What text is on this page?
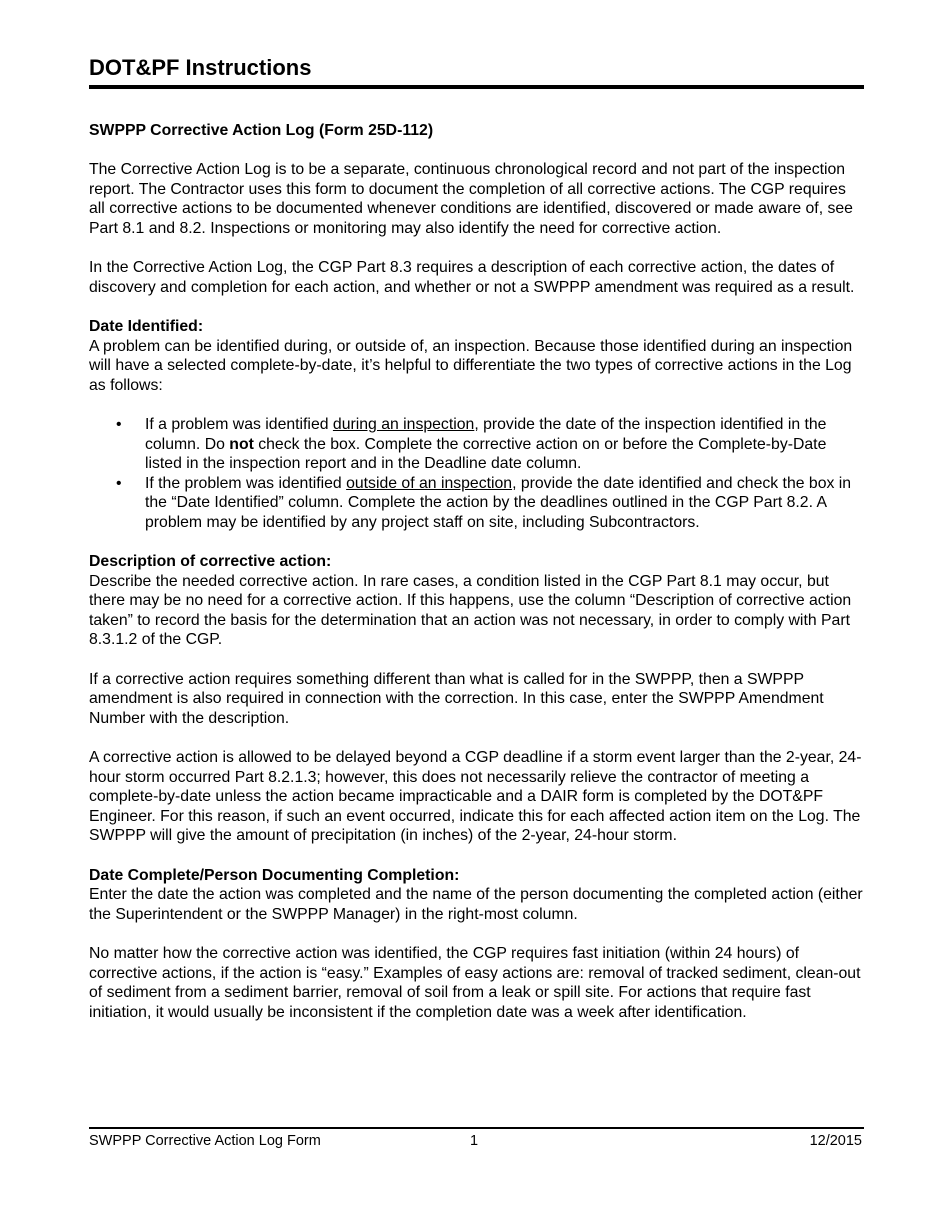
DOT&PF Instructions

SWPPP Corrective Action Log (Form 25D-112)

The Corrective Action Log is to be a separate, continuous chronological record and not part of the inspection report. The Contractor uses this form to document the completion of all corrective actions. The CGP requires all corrective actions to be documented whenever conditions are identified, discovered or made aware of, see Part 8.1 and 8.2. Inspections or monitoring may also identify the need for corrective action.

In the Corrective Action Log, the CGP Part 8.3 requires a description of each corrective action, the dates of discovery and completion for each action, and whether or not a SWPPP amendment was required as a result.

Date Identified:

A problem can be identified during, or outside of, an inspection. Because those identified during an inspection will have a selected complete-by-date, it’s helpful to differentiate the two types of corrective actions in the Log as follows:

• If a problem was identified during an inspection, provide the date of the inspection identified in the column. Do not check the box. Complete the corrective action on or before the Complete-by-Date listed in the inspection report and in the Deadline date column.
• If the problem was identified outside of an inspection, provide the date identified and check the box in the “Date Identified” column. Complete the action by the deadlines outlined in the CGP Part 8.2. A problem may be identified by any project staff on site, including Subcontractors.

Description of corrective action:

Describe the needed corrective action. In rare cases, a condition listed in the CGP Part 8.1 may occur, but there may be no need for a corrective action. If this happens, use the column “Description of corrective action taken” to record the basis for the determination that an action was not necessary, in order to comply with Part 8.3.1.2 of the CGP.

If a corrective action requires something different than what is called for in the SWPPP, then a SWPPP amendment is also required in connection with the correction. In this case, enter the SWPPP Amendment Number with the description.

A corrective action is allowed to be delayed beyond a CGP deadline if a storm event larger than the 2-year, 24-hour storm occurred Part 8.2.1.3; however, this does not necessarily relieve the contractor of meeting a complete-by-date unless the action became impracticable and a DAIR form is completed by the DOT&PF Engineer. For this reason, if such an event occurred, indicate this for each affected action item on the Log. The SWPPP will give the amount of precipitation (in inches) of the 2-year, 24-hour storm.

Date Complete/Person Documenting Completion:

Enter the date the action was completed and the name of the person documenting the completed action (either the Superintendent or the SWPPP Manager) in the right-most column.

No matter how the corrective action was identified, the CGP requires fast initiation (within 24 hours) of corrective actions, if the action is “easy.” Examples of easy actions are: removal of tracked sediment, clean-out of sediment from a sediment barrier, removal of soil from a leak or spill site. For actions that require fast initiation, it would usually be inconsistent if the completion date was a week after identification.

SWPPP Corrective Action Log Form	1	12/2015
